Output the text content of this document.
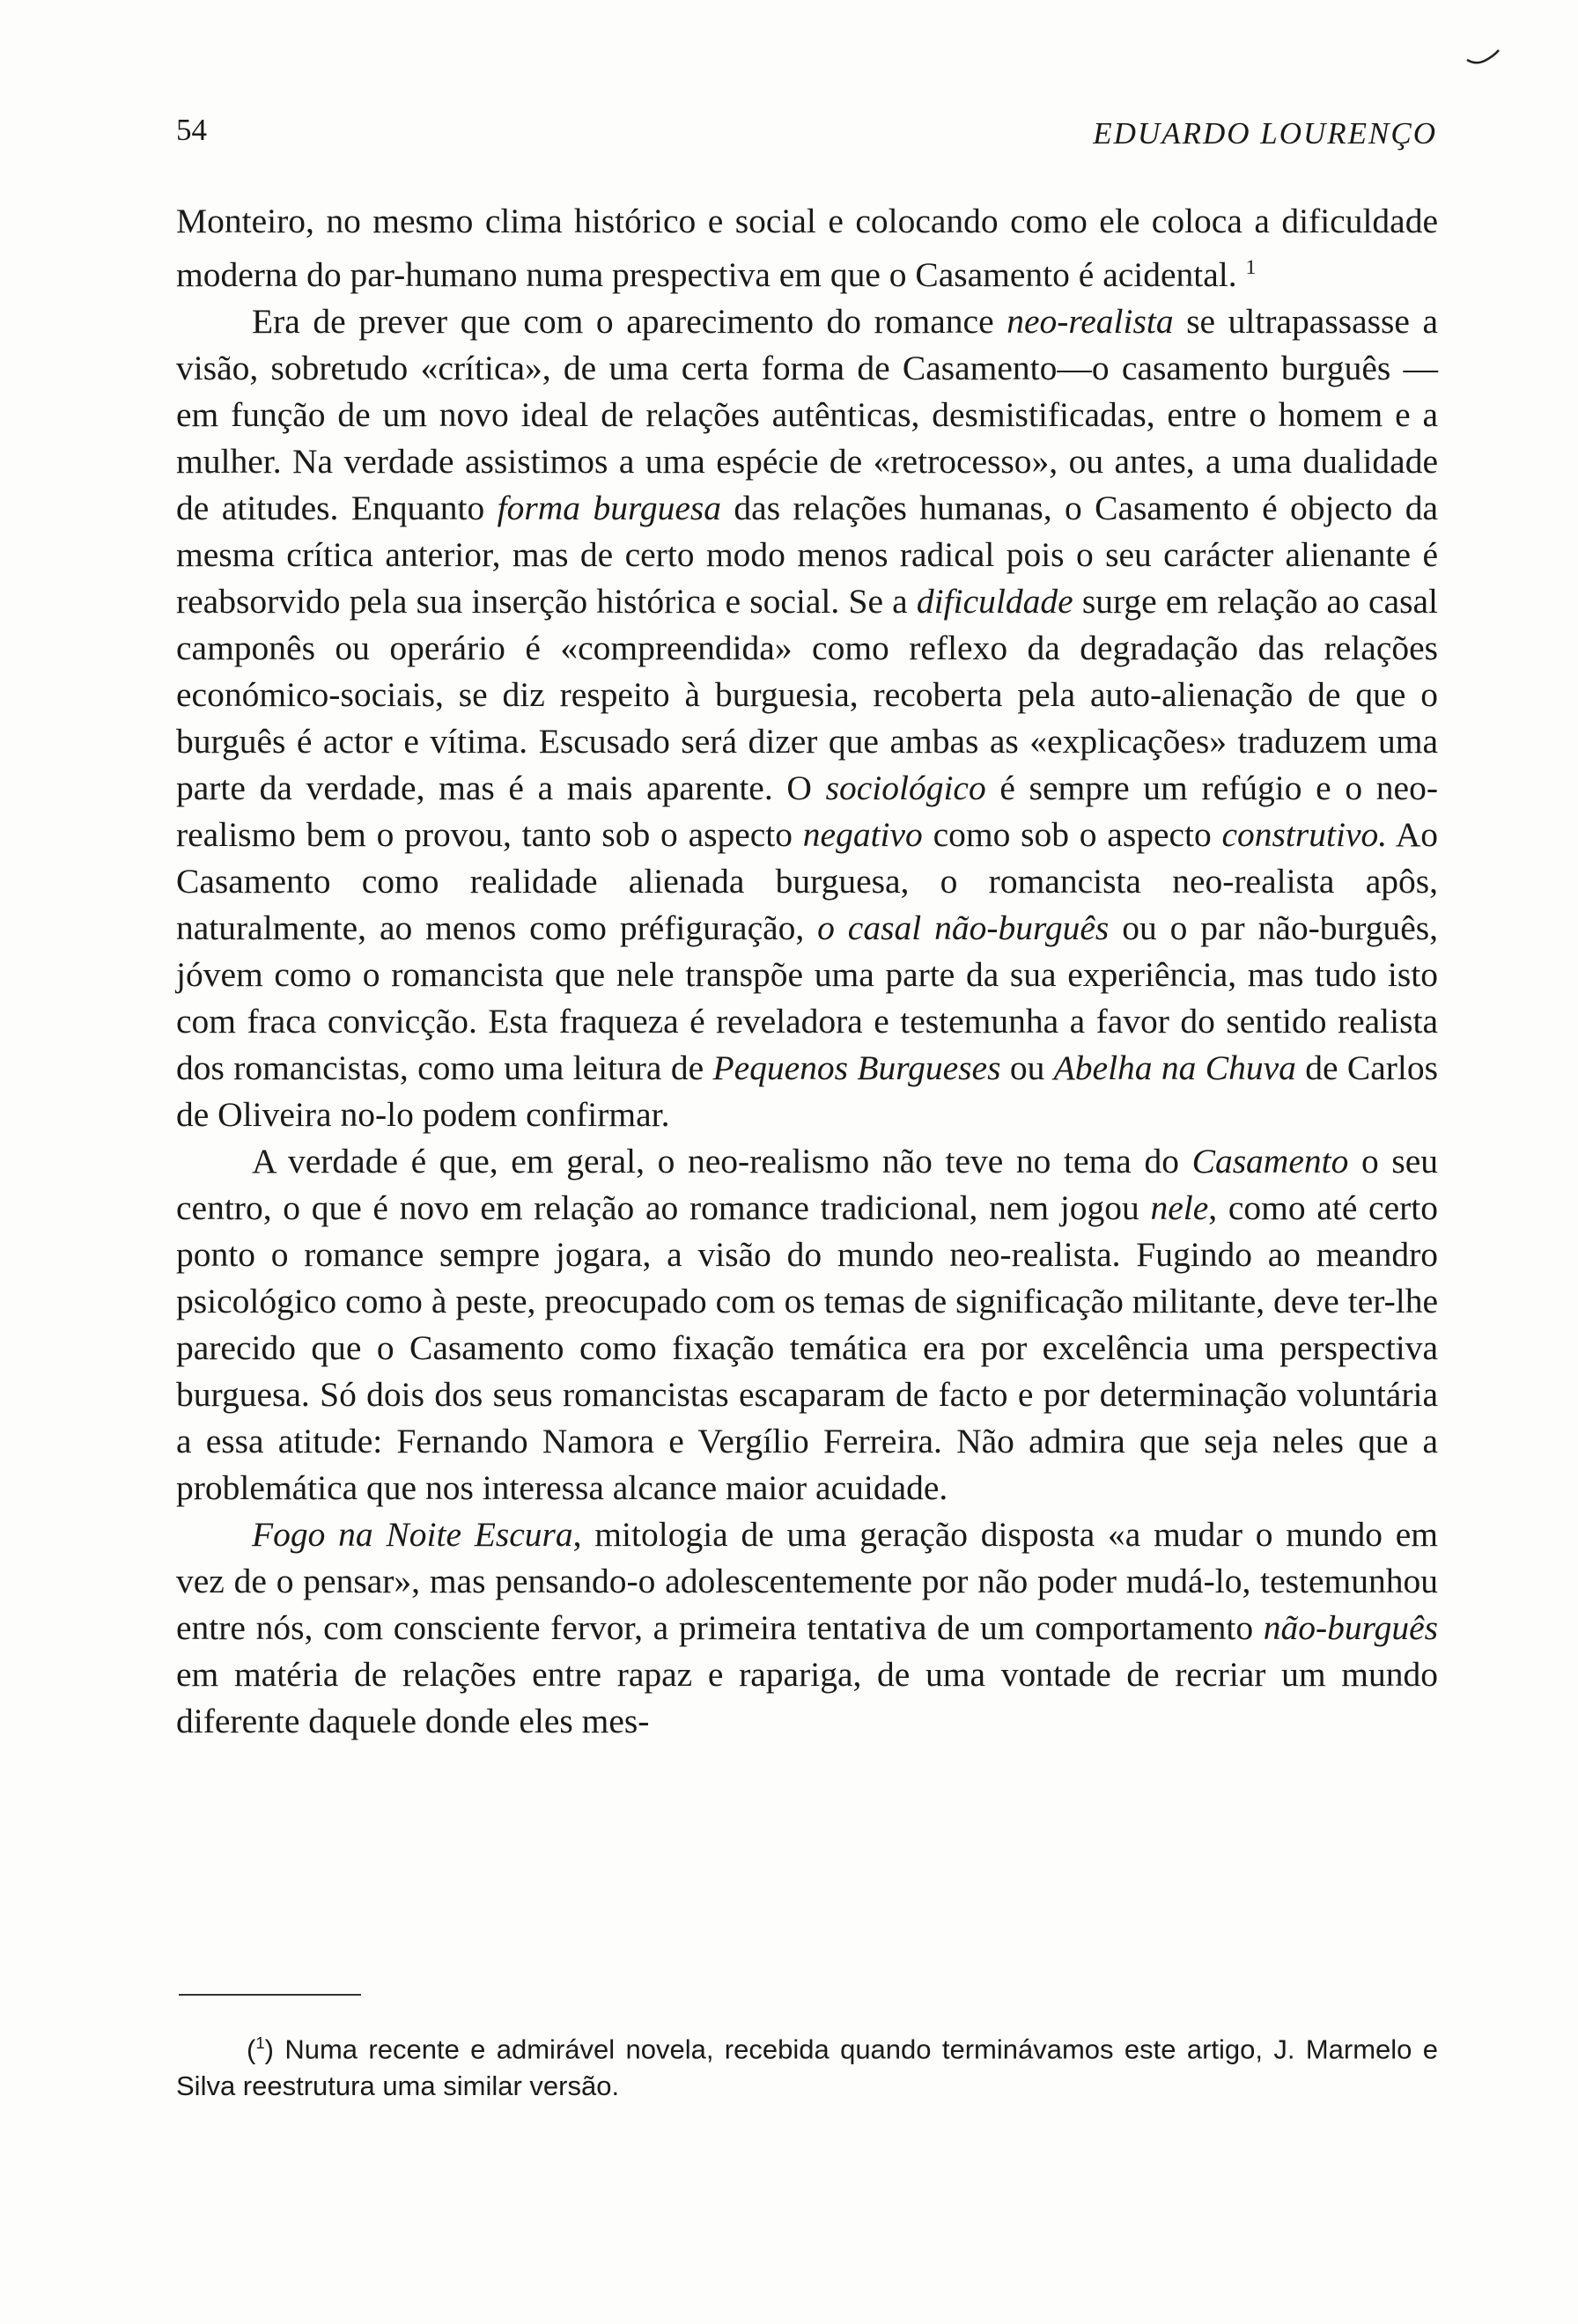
54	EDUARDO LOURENÇO

Monteiro, no mesmo clima histórico e social e colocando como ele coloca a dificuldade moderna do par-humano numa prespectiva em que o Casamento é acidental. $^1$

Era de prever que com o aparecimento do romance neo-realista se ultrapassasse a visão, sobretudo «crítica», de uma certa forma de Casamento—o casamento burguês — em função de um novo ideal de relações autênticas, desmistificadas, entre o homem e a mulher. Na verdade assistimos a uma espécie de «retrocesso», ou antes, a uma dualidade de atitudes. Enquanto forma burguesa das relações humanas, o Casamento é objecto da mesma crítica anterior, mas de certo modo menos radical pois o seu carácter alienante é reabsorvido pela sua inserção histórica e social. Se a dificuldade surge em relação ao casal camponês ou operário é «compreendida» como reflexo da degradação das relações económico-sociais, se diz respeito à burguesia, recoberta pela auto-alienação de que o burguês é actor e vítima. Escusado será dizer que ambas as «explicações» traduzem uma parte da verdade, mas é a mais aparente. O sociológico é sempre um refúgio e o neo-realismo bem o provou, tanto sob o aspecto negativo como sob o aspecto construtivo. Ao Casamento como realidade alienada burguesa, o romancista neo-realista apôs, naturalmente, ao menos como préfiguração, o casal não-burguês ou o par não-burguês, jóvem como o romancista que nele transpõe uma parte da sua experiência, mas tudo isto com fraca convicção. Esta fraqueza é reveladora e testemunha a favor do sentido realista dos romancistas, como uma leitura de Pequenos Burgueses ou Abelha na Chuva de Carlos de Oliveira no-lo podem confirmar.

A verdade é que, em geral, o neo-realismo não teve no tema do Casamento o seu centro, o que é novo em relação ao romance tradicional, nem jogou nele, como até certo ponto o romance sempre jogara, a visão do mundo neo-realista. Fugindo ao meandro psicológico como à peste, preocupado com os temas de significação militante, deve ter-lhe parecido que o Casamento como fixação temática era por excelência uma perspectiva burguesa. Só dois dos seus romancistas escaparam de facto e por determinação voluntária a essa atitude: Fernando Namora e Vergílio Ferreira. Não admira que seja neles que a problemática que nos interessa alcance maior acuidade.

Fogo na Noite Escura, mitologia de uma geração disposta «a mudar o mundo em vez de o pensar», mas pensando-o adolescentemente por não poder mudá-lo, testemunhou entre nós, com consciente fervor, a primeira tentativa de um comportamento não-burguês em matéria de relações entre rapaz e rapariga, de uma vontade de recriar um mundo diferente daquele donde eles mes-

($^1$) Numa recente e admirável novela, recebida quando terminávamos este artigo, J. Marmelo e Silva reestrutura uma similar versão.
